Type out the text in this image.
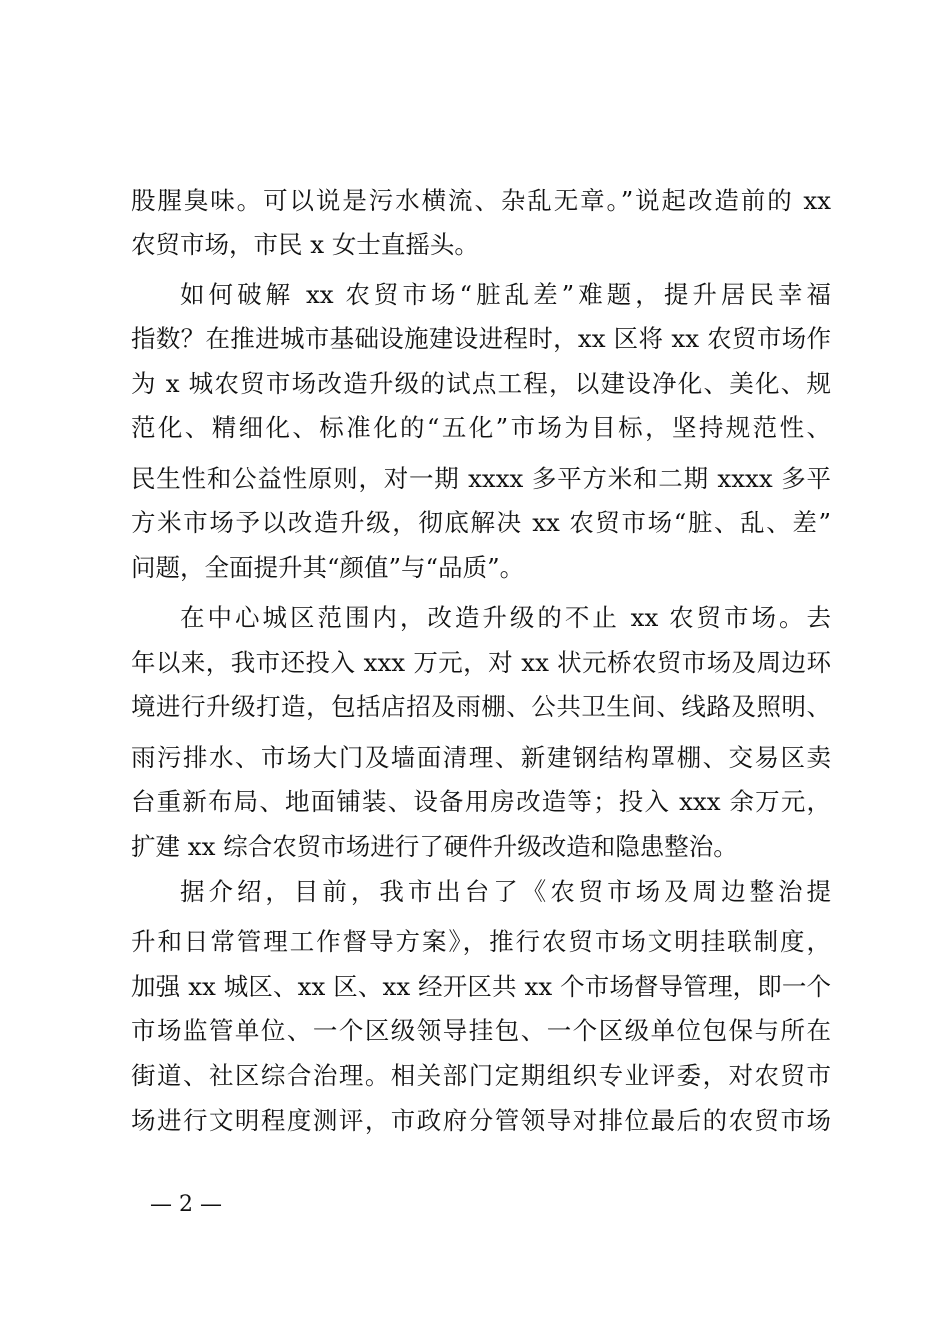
股腥臭味。可以说是污水横流、杂乱无章。”说起改造前的 xx
农贸市场，市民 x 女士直摇头。
如何破解 xx 农贸市场“脏乱差”难题，提升居民幸福
指数？在推进城市基础设施建设进程时，xx 区将 xx 农贸市场作
为 x 城农贸市场改造升级的试点工程，以建设净化、美化、规
范化、精细化、标准化的“五化”市场为目标，坚持规范性、
民生性和公益性原则，对一期 xxxx 多平方米和二期 xxxx 多平
方米市场予以改造升级，彻底解决 xx 农贸市场“脏、乱、差”
问题，全面提升其“颜值”与“品质”。
在中心城区范围内，改造升级的不止 xx 农贸市场。去
年以来，我市还投入 xxx 万元，对 xx 状元桥农贸市场及周边环
境进行升级打造，包括店招及雨棚、公共卫生间、线路及照明、
雨污排水、市场大门及墙面清理、新建钢结构罩棚、交易区卖
台重新布局、地面铺装、设备用房改造等；投入 xxx 余万元，
扩建 xx 综合农贸市场进行了硬件升级改造和隐患整治。
据介绍，目前，我市出台了《农贸市场及周边整治提
升和日常管理工作督导方案》，推行农贸市场文明挂联制度，
加强 xx 城区、xx 区、xx 经开区共 xx 个市场督导管理，即一个
市场监管单位、一个区级领导挂包、一个区级单位包保与所在
街道、社区综合治理。相关部门定期组织专业评委，对农贸市
场进行文明程度测评，市政府分管领导对排位最后的农贸市场
— 2 —
